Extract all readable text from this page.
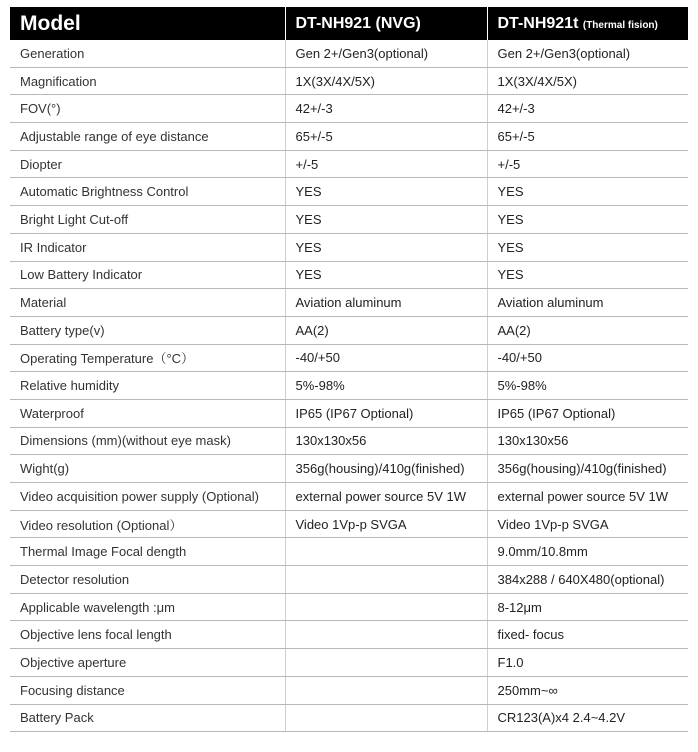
Model	DT-NH921 (NVG)	DT-NH921t (Thermal fision)
Generation	Gen 2+/Gen3(optional)	Gen 2+/Gen3(optional)
Magnification	1X(3X/4X/5X)	1X(3X/4X/5X)
FOV(°)	42+/-3	42+/-3
Adjustable range of eye distance	65+/-5	65+/-5
Diopter	+/-5	+/-5
Automatic Brightness Control	YES	YES
Bright Light Cut-off	YES	YES
IR Indicator	YES	YES
Low Battery Indicator	YES	YES
Material	Aviation aluminum	Aviation aluminum
Battery type(v)	AA(2)	AA(2)
Operating Temperature（°C）	-40/+50	-40/+50
Relative humidity	5%-98%	5%-98%
Waterproof	IP65 (IP67 Optional)	IP65 (IP67 Optional)
Dimensions (mm)(without eye mask)	130x130x56	130x130x56
Wight(g)	356g(housing)/410g(finished)	356g(housing)/410g(finished)
Video acquisition power supply (Optional)	external power source 5V 1W	external power source 5V 1W
Video resolution (Optional）	Video 1Vp-p SVGA	Video 1Vp-p SVGA
Thermal Image Focal dength		9.0mm/10.8mm
Detector resolution		384x288 / 640X480(optional)
Applicable wavelength :μm		8-12μm
Objective lens focal length		fixed- focus
Objective aperture		F1.0
Focusing distance		250mm~∞
Battery Pack		CR123(A)x4 2.4~4.2V
